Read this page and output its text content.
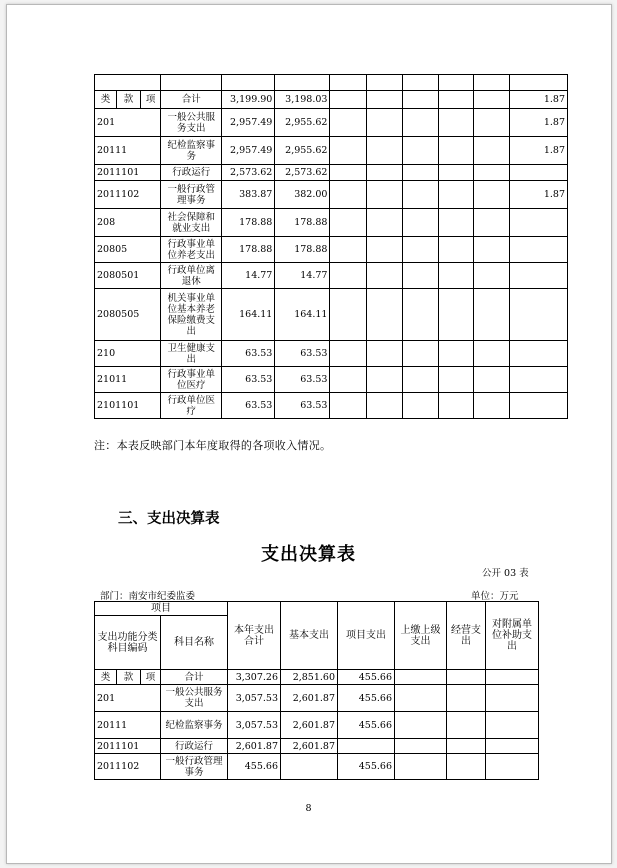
类	款	项	合计	3,199.90	3,198.03						1.87
201			一般公共服务支出	2,957.49	2,955.62						1.87
20111			纪检监察事务	2,957.49	2,955.62						1.87
2011101			行政运行	2,573.62	2,573.62						
2011102			一般行政管理事务	383.87	382.00						1.87
208			社会保障和就业支出	178.88	178.88						
20805			行政事业单位养老支出	178.88	178.88						
2080501			行政单位离退休	14.77	14.77						
2080505			机关事业单位基本养老保险缴费支出	164.11	164.11						
210			卫生健康支出	63.53	63.53						
21011			行政事业单位医疗	63.53	63.53						
2101101			行政单位医疗	63.53	63.53						
注：本表反映部门本年度取得的各项收入情况。
三、支出决算表
支出决算表
公开 03 表
部门：南安市纪委监委	单位：万元
项目				本年支出合计	基本支出	项目支出	上缴上级支出	经营支出	对附属单位补助支出
支出功能分类科目编码			科目名称						
类	款	项	合计	3,307.26	2,851.60	455.66			
201			一般公共服务支出	3,057.53	2,601.87	455.66			
20111			纪检监察事务	3,057.53	2,601.87	455.66			
2011101			行政运行	2,601.87	2,601.87				
2011102			一般行政管理事务	455.66		455.66			
8
